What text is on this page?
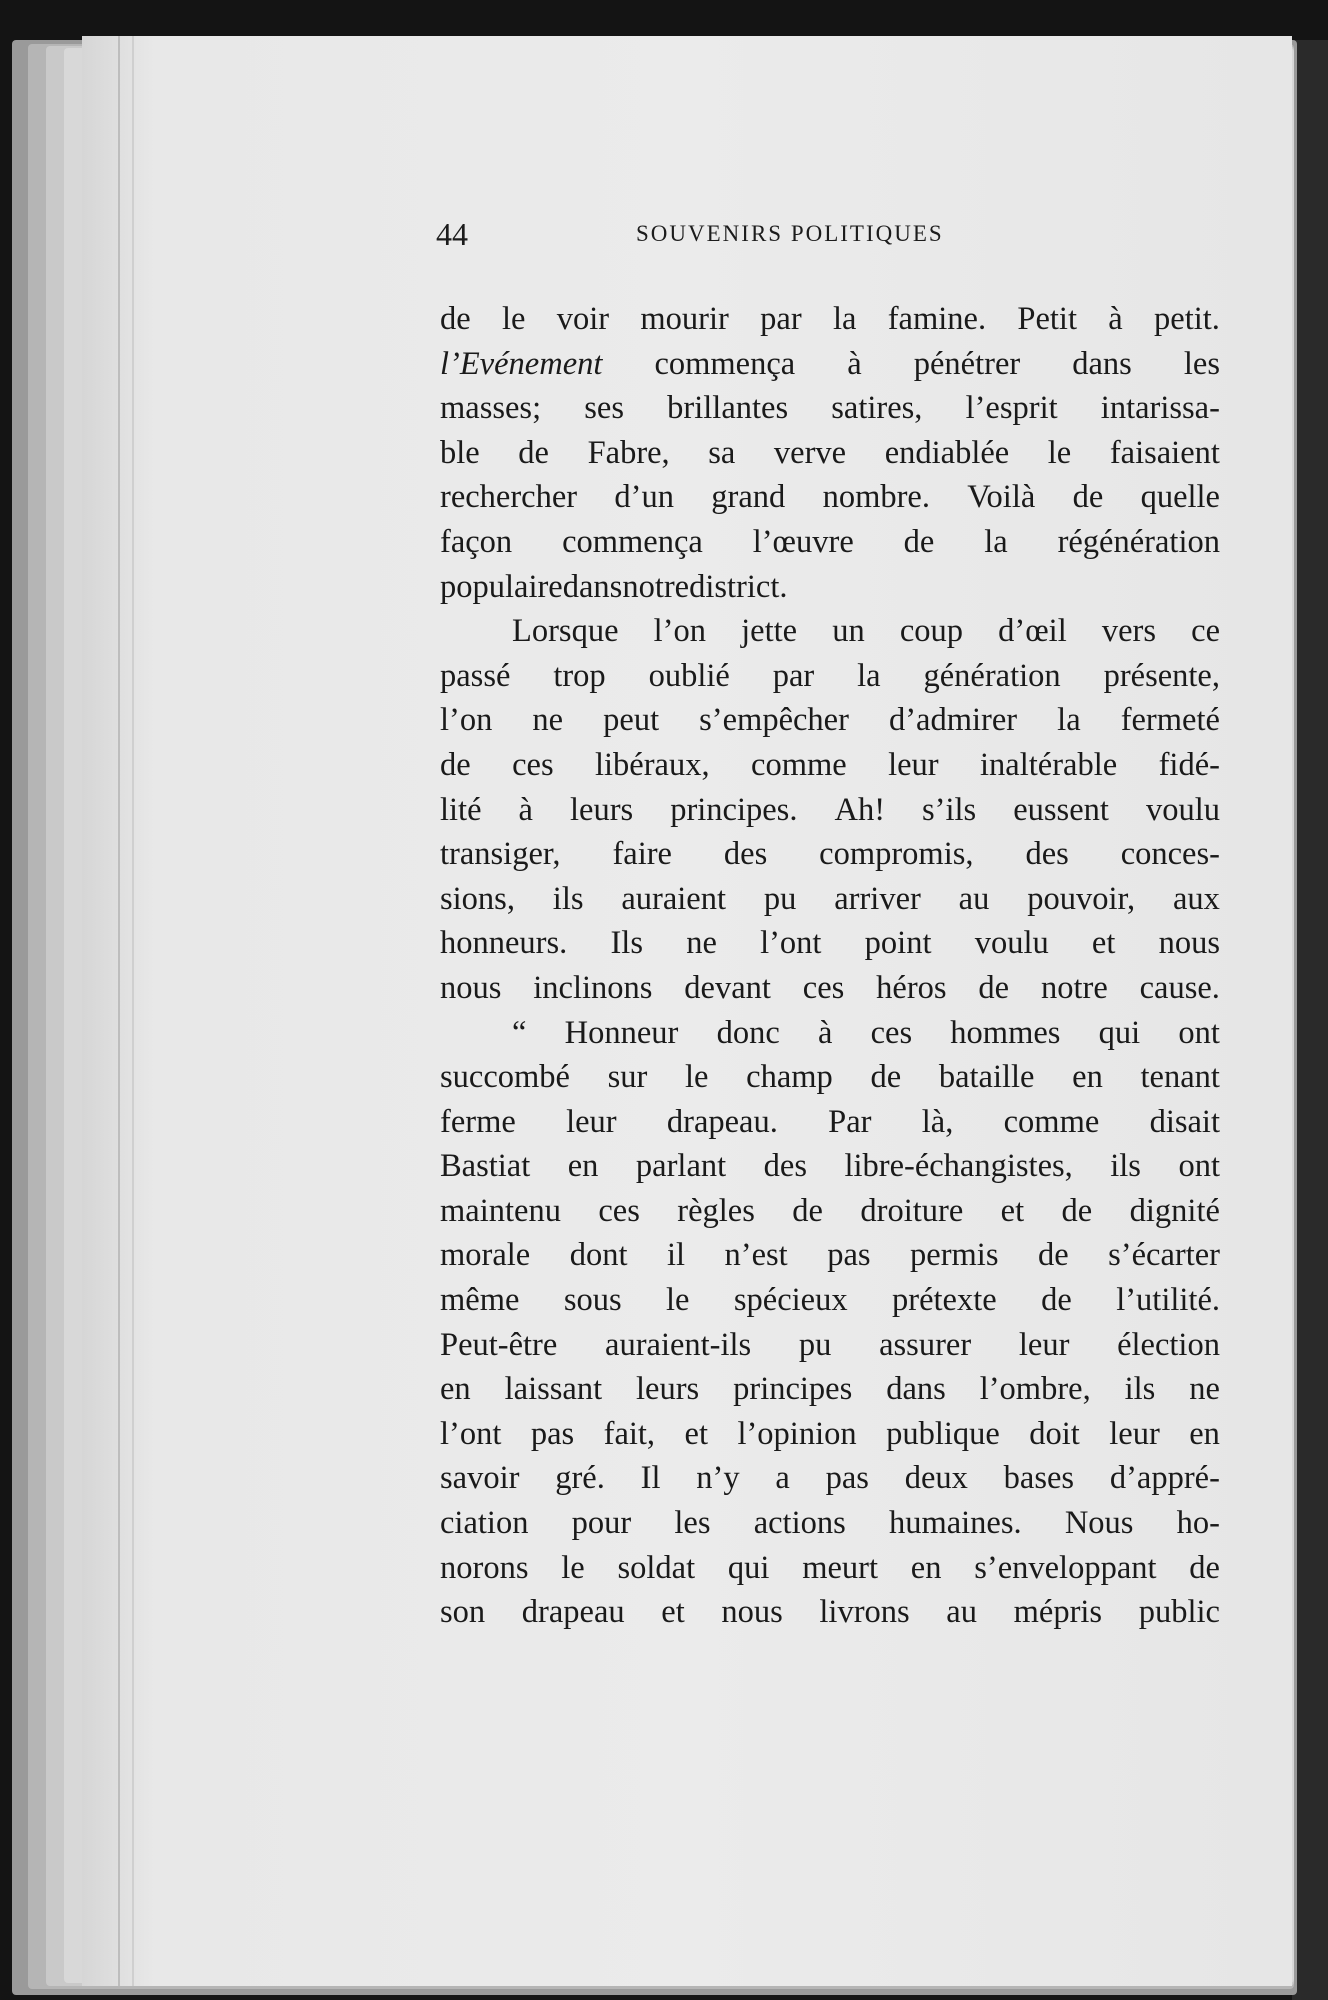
44	SOUVENIRS POLITIQUES
de le voir mourir par la famine. Petit à petit.
l’Evénement commença à pénétrer dans les
masses; ses brillantes satires, l’esprit intarissa-
ble de Fabre, sa verve endiablée le faisaient
rechercher d’un grand nombre. Voilà de quelle
façon commença l’œuvre de la régénération
populaire dans notre district.
Lorsque l’on jette un coup d’œil vers ce
passé trop oublié par la génération présente,
l’on ne peut s’empêcher d’admirer la fermeté
de ces libéraux, comme leur inaltérable fidé-
lité à leurs principes. Ah! s’ils eussent voulu
transiger, faire des compromis, des conces-
sions, ils auraient pu arriver au pouvoir, aux
honneurs. Ils ne l’ont point voulu et nous
nous inclinons devant ces héros de notre cause.
“ Honneur donc à ces hommes qui ont
succombé sur le champ de bataille en tenant
ferme leur drapeau. Par là, comme disait
Bastiat en parlant des libre-échangistes, ils ont
maintenu ces règles de droiture et de dignité
morale dont il n’est pas permis de s’écarter
même sous le spécieux prétexte de l’utilité.
Peut-être auraient-ils pu assurer leur élection
en laissant leurs principes dans l’ombre, ils ne
l’ont pas fait, et l’opinion publique doit leur en
savoir gré. Il n’y a pas deux bases d’appré-
ciation pour les actions humaines. Nous ho-
norons le soldat qui meurt en s’enveloppant de
son drapeau et nous livrons au mépris public
